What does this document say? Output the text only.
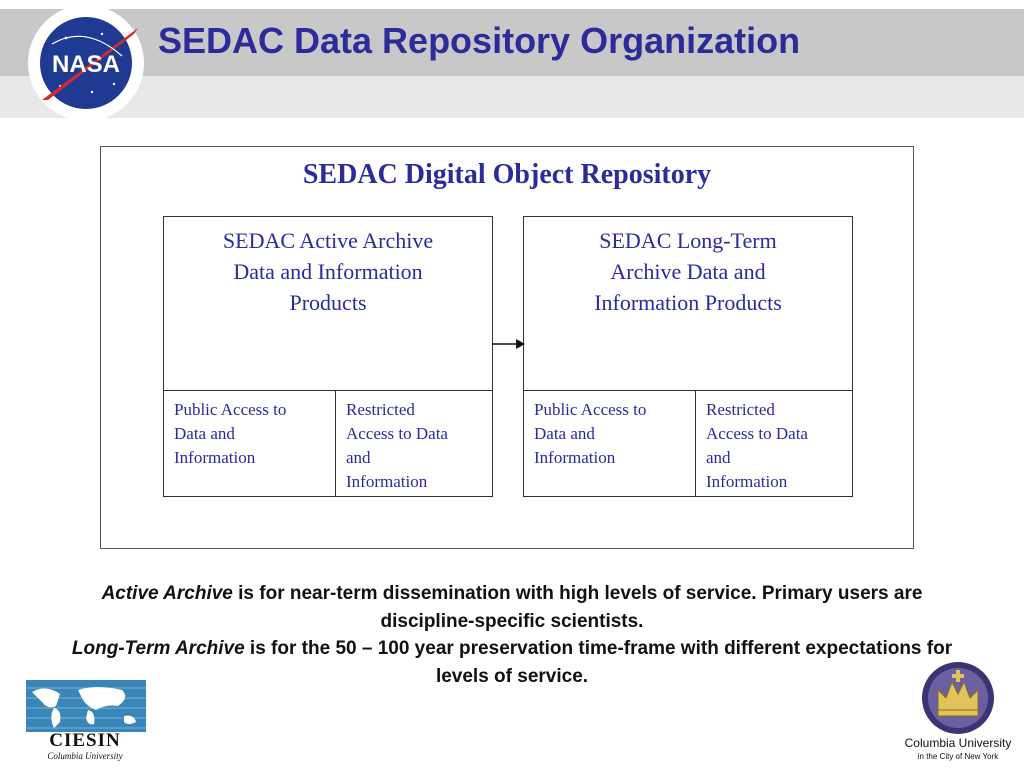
NASA
SEDAC Data Repository Organization
SEDAC Digital Object Repository
SEDAC Active Archive
Data and Information
Products
Public Access to
Data and
Information
Restricted
Access to Data
and
Information
SEDAC Long-Term
Archive Data and
Information Products
Public Access to
Data and
Information
Restricted
Access to Data
and
Information
Active Archive is for near-term dissemination with high levels of service. Primary users are discipline-specific scientists.
Long-Term Archive is for the 50 – 100 year preservation time-frame with different expectations for levels of service.
CIESIN
Columbia University
Columbia University
in the City of New York
